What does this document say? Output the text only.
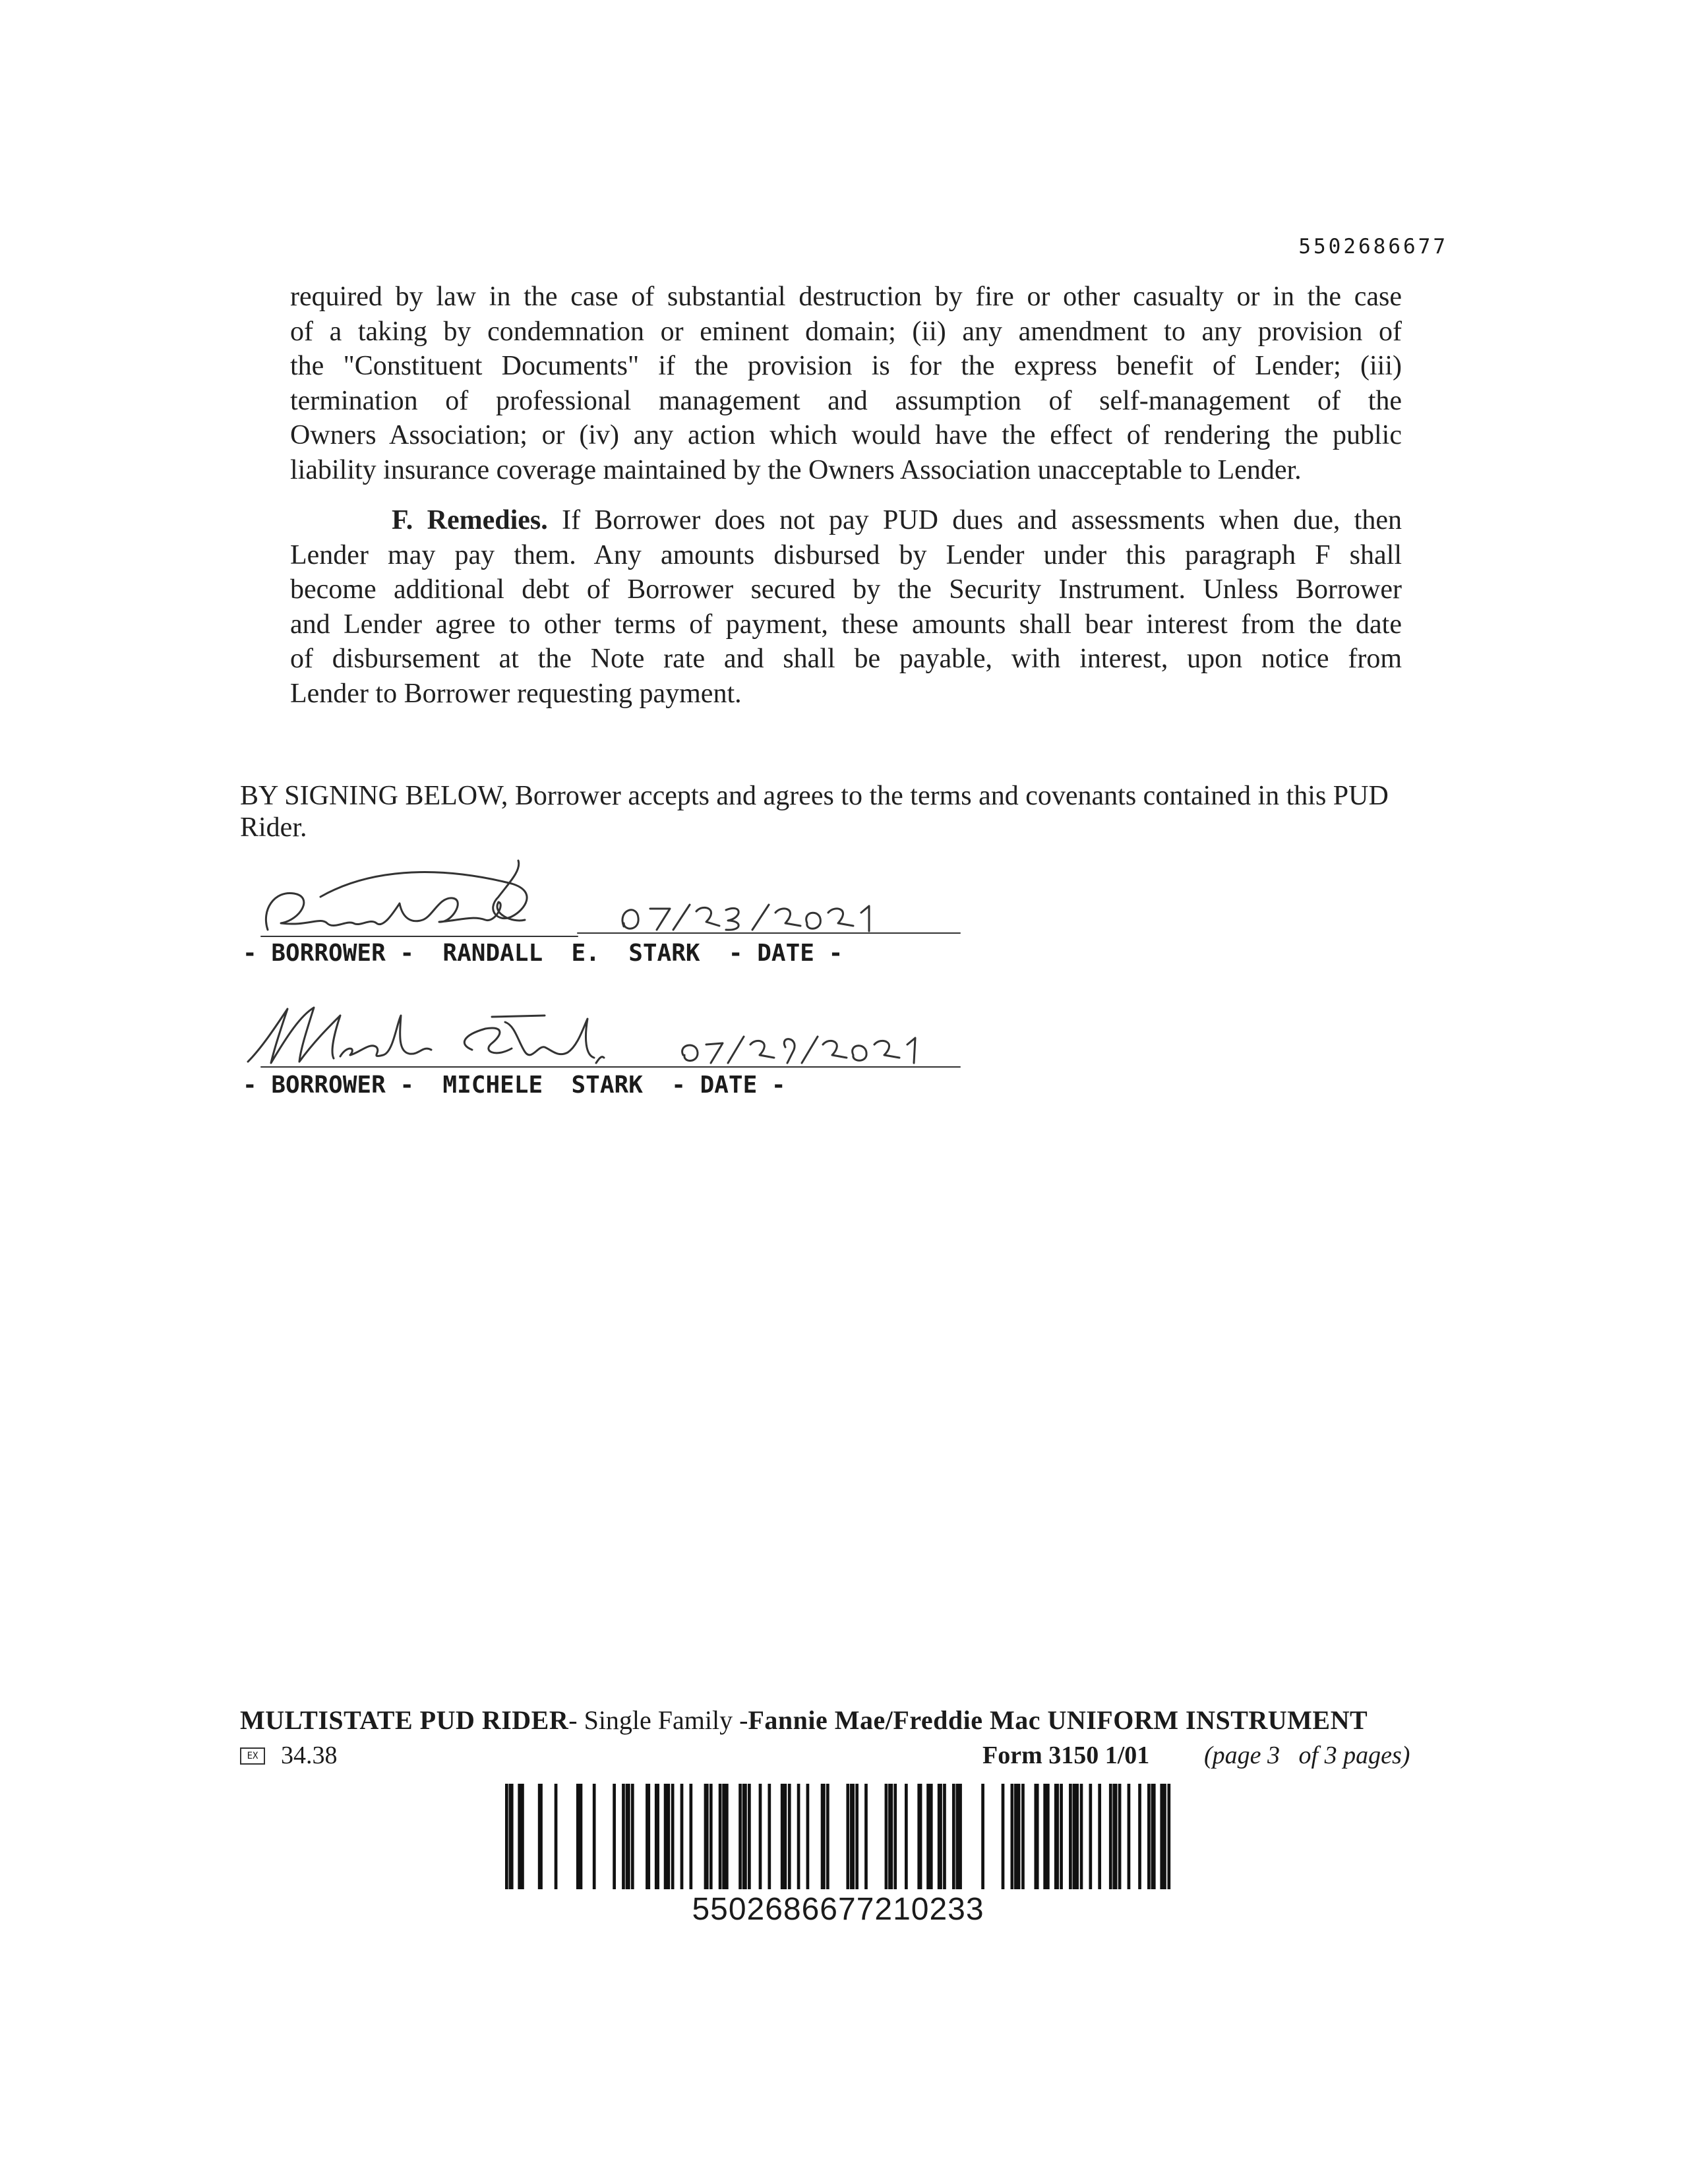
5502686677
required by law in the case of substantial destruction by fire or other casualty or in the case
of a taking by condemnation or eminent domain; (ii) any amendment to any provision of
the "Constituent Documents" if the provision is for the express benefit of Lender; (iii)
termination of professional management and assumption of self-management of the
Owners Association; or (iv) any action which would have the effect of rendering the public
liability insurance coverage maintained by the Owners Association unacceptable to Lender.
F. Remedies. If Borrower does not pay PUD dues and assessments when due, then
Lender may pay them. Any amounts disbursed by Lender under this paragraph F shall
become additional debt of Borrower secured by the Security Instrument. Unless Borrower
and Lender agree to other terms of payment, these amounts shall bear interest from the date
of disbursement at the Note rate and shall be payable, with interest, upon notice from
Lender to Borrower requesting payment.

BY SIGNING BELOW, Borrower accepts and agrees to the terms and covenants contained in this PUD Rider.

- BORROWER -  RANDALL  E.  STARK  - DATE -
- BORROWER -  MICHELE  STARK  - DATE -
MULTISTATE PUD RIDER- Single Family -Fannie Mae/Freddie Mac UNIFORM INSTRUMENT
EX 34.38	Form 3150 1/01 (page 3   of 3 pages)
5502686677210233
